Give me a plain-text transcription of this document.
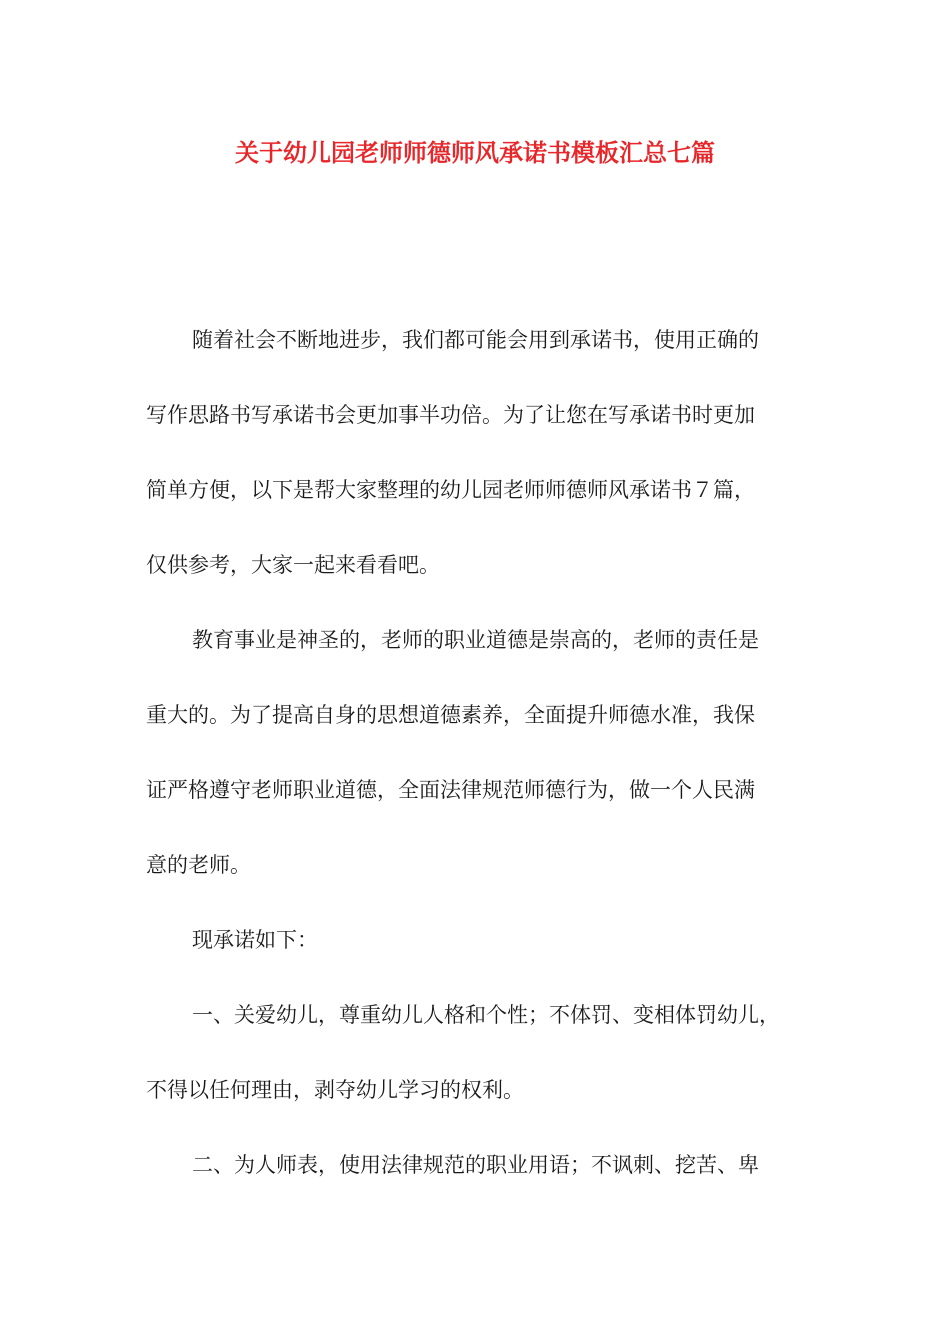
关于幼儿园老师师德师风承诺书模板汇总七篇
随着社会不断地进步，我们都可能会用到承诺书，使用正确的
写作思路书写承诺书会更加事半功倍。为了让您在写承诺书时更加
简单方便，以下是帮大家整理的幼儿园老师师德师风承诺书７篇，
仅供参考，大家一起来看看吧。
教育事业是神圣的，老师的职业道德是崇高的，老师的责任是
重大的。为了提高自身的思想道德素养，全面提升师德水准，我保
证严格遵守老师职业道德，全面法律规范师德行为，做一个人民满
意的老师。
现承诺如下：
一、关爱幼儿，尊重幼儿人格和个性；不体罚、变相体罚幼儿，
不得以任何理由，剥夺幼儿学习的权利。
二、为人师表，使用法律规范的职业用语；不讽刺、挖苦、卑
